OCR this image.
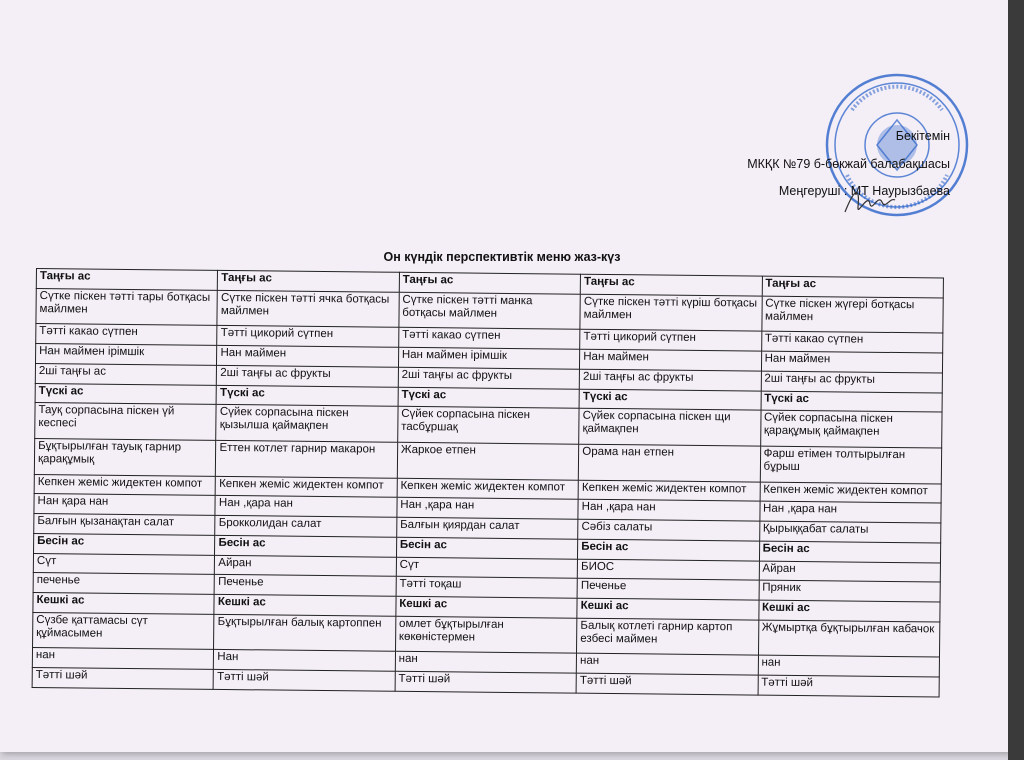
Бекітемін
МКҚК №79 б-бөкжай балабақшасы
Меңгеруші : МТ Наурызбаева
Он күндік перспективтік меню жаз-күз
Таңғы ас	Таңғы ас	Таңғы ас	Таңғы ас	Таңғы ас
Сүтке піскен тәтті тары ботқасы майлмен	Сүтке піскен тәтті ячка ботқасы майлмен	Сүтке піскен тәтті манка ботқасы майлмен	Сүтке піскен тәтті күріш ботқасы майлмен	Сүтке піскен жүгері ботқасы майлмен
Тәтті какао сүтпен	Тәтті цикорий сүтпен	Тәтті какао сүтпен	Тәтті цикорий сүтпен	Тәтті какао сүтпен
Нан маймен ірімшік	Нан маймен	Нан маймен ірімшік	Нан маймен	Нан маймен
2ші таңғы ас	2ші таңғы ас фрукты	2ші таңғы ас фрукты	2ші таңғы ас фрукты	2ші таңғы ас фрукты
Түскі ас	Түскі ас	Түскі ас	Түскі ас	Түскі ас
Тауқ сорпасына піскен үй кеспесі	Сүйек сорпасына піскен қызылша қаймақпен	Сүйек сорпасына піскен тасбұршақ	Сүйек сорпасына піскен щи қаймақпен	Сүйек сорпасына піскен қарақұмық қаймақпен
Бұқтырылған тауық гарнир қарақұмық	Еттен котлет гарнир макарон	Жаркое етпен	Орама нан етпен	Фарш етімен толтырылған бұрыш
Кепкен жеміс жидектен компот	Кепкен жеміс жидектен компот	Кепкен жеміс жидектен компот	Кепкен жеміс жидектен компот	Кепкен жеміс жидектен компот
Нан қара нан	Нан ,қара нан	Нан ,қара нан	Нан ,қара нан	Нан ,қара нан
Балғын қызанақтан салат	Брокколидан салат	Балғын қиярдан салат	Сәбіз салаты	Қырыққабат салаты
Бесін ас	Бесін ас	Бесін ас	Бесін ас	Бесін ас
Сүт	Айран	Сүт	БИОС	Айран
печенье	Печенье	Тәтті тоқаш	Печенье	Пряник
Кешкі ас	Кешкі ас	Кешкі ас	Кешкі ас	Кешкі ас
Сүзбе қаттамасы сүт құймасымен	Бұқтырылған балық картоппен	омлет бұқтырылған көкөністермен	Балық котлеті гарнир картоп езбесі маймен	Жұмыртқа бұқтырылған кабачок
нан	Нан	нан	нан	нан
Тәтті шәй	Тәтті шәй	Тәтті шәй	Тәтті шәй	Тәтті шәй
